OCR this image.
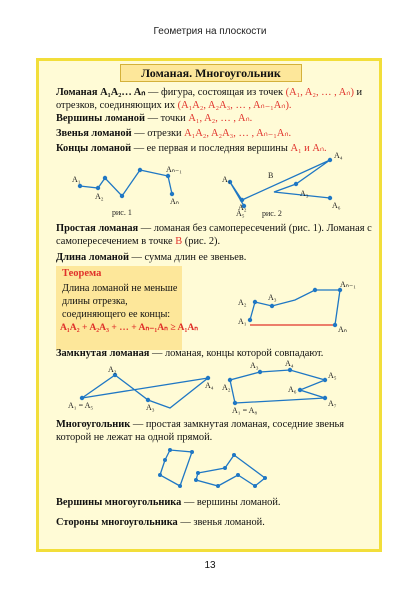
Геометрия на плоскости
Ломаная. Многоугольник
Ломаная A₁A₂… Aₙ — фигура, состоящая из точек (A₁, A₂, … , Aₙ) и отрезков, соединяющих их (A₁A₂, A₂A₃, … , Aₙ₋₁Aₙ).
Вершины ломаной — точки A₁, A₂, … , Aₙ.
Звенья ломаной — отрезки A₁A₂, A₂A₃, … , Aₙ₋₁Aₙ.
Концы ломаной — ее первая и последняя вершины A₁ и Aₙ.
Простая ломаная — ломаная без самопересечений (рис. 1). Ломаная с самопересечением в точке B (рис. 2).
Длина ломаной — сумма длин ее звеньев.
Теорема
Длина ломаной не меньше длины отрезка, соединяющего ее концы:
A₁A₂ + A₂A₃ + … + Aₙ₋₁Aₙ ≥ A₁Aₙ
Замкнутая ломаная — ломаная, концы которой совпадают.
Многоугольник — простая замкнутая ломаная, соседние звенья которой не лежат на одной прямой.
Вершины многоугольника — вершины ломаной.
Стороны многоугольника — звенья ломаной.
13
A₁
A₂
Aₙ₋₁
Aₙ
рис. 1
A₁
A₂
B
A₄
A₃
A₅
A₆
рис. 2
A₂
A₃
A₁
Aₙ₋₁
Aₙ
A₂
A₄
A₁ = A₅	A₃
A₃	A₄
A₂
A₅
A₆
A₇
A₁ = A₈
